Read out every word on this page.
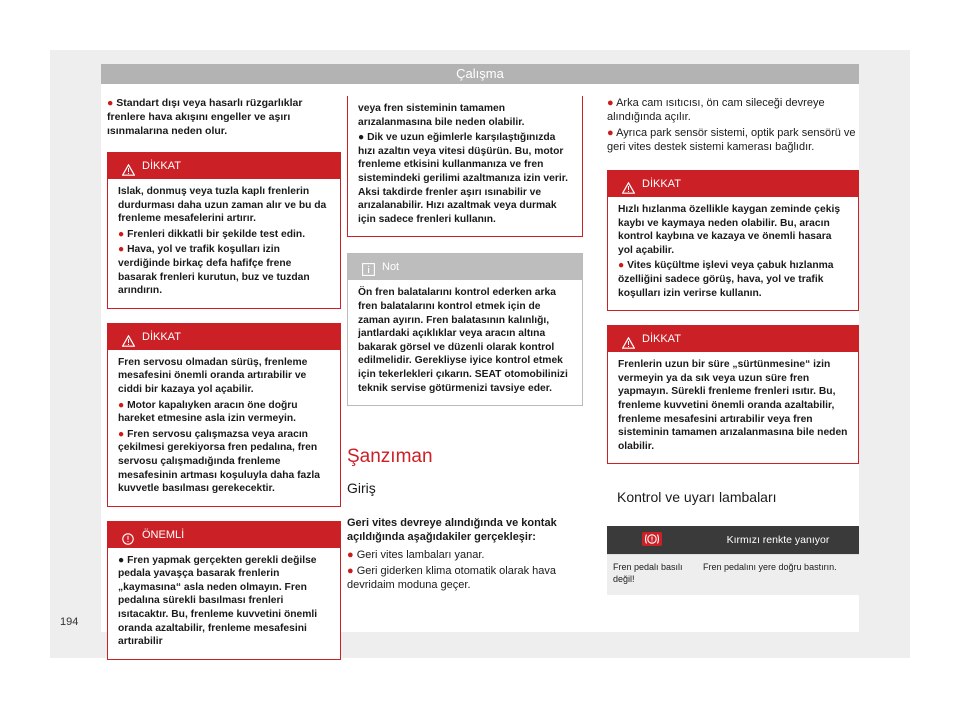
Çalışma
● Standart dışı veya hasarlı rüzgarlıklar frenlere hava akışını engeller ve aşırı ısınmalarına neden olur.
DİKKAT

Islak, donmuş veya tuzla kaplı frenlerin durdurması daha uzun zaman alır ve bu da frenleme mesafelerini artırır.

● Frenleri dikkatli bir şekilde test edin.

● Hava, yol ve trafik koşulları izin verdiğinde birkaç defa hafifçe frene basarak frenleri kurutun, buz ve tuzdan arındırın.

DİKKAT

Fren servosu olmadan sürüş, frenleme mesafesini önemli oranda artırabilir ve ciddi bir kazaya yol açabilir.

● Motor kapalıyken aracın öne doğru hareket etmesine asla izin vermeyin.

● Fren servosu çalışmazsa veya aracın çekilmesi gerekiyorsa fren pedalına, fren servosu çalışmadığında frenleme mesafesinin artması koşuluyla daha fazla kuvvetle basılması gerekecektir.

ÖNEMLİ

● Fren yapmak gerçekten gerekli değilse pedala yavaşça basarak frenlerin „kaymasına“ asla neden olmayın. Fren pedalına sürekli basılması frenleri ısıtacaktır. Bu, frenleme kuvvetini önemli oranda azaltabilir, frenleme mesafesini artırabilir

veya fren sisteminin tamamen arızalanmasına bile neden olabilir.

● Dik ve uzun eğimlerle karşılaştığınızda hızı azaltın veya vitesi düşürün. Bu, motor frenleme etkisini kullanmanıza ve fren sistemindeki gerilimi azaltmanıza izin verir. Aksi takdirde frenler aşırı ısınabilir ve arızalanabilir. Hızı azaltmak veya durmak için sadece frenleri kullanın.

Not

Ön fren balatalarını kontrol ederken arka fren balatalarını kontrol etmek için de zaman ayırın. Fren balatasının kalınlığı, jantlardaki açıklıklar veya aracın altına bakarak görsel ve düzenli olarak kontrol edilmelidir. Gerekliyse iyice kontrol etmek için tekerlekleri çıkarın. SEAT otomobilinizi teknik servise götürmenizi tavsiye eder.

Şanzıman
Giriş
Geri vites devreye alındığında ve kontak açıldığında aşağıdakiler gerçekleşir:
● Geri vites lambaları yanar.
● Geri giderken klima otomatik olarak hava devridaim moduna geçer.
● Arka cam ısıtıcısı, ön cam sileceği devreye alındığında açılır.
● Ayrıca park sensör sistemi, optik park sensörü ve geri vites destek sistemi kamerası bağlıdır.
DİKKAT

Hızlı hızlanma özellikle kaygan zeminde çekiş kaybı ve kaymaya neden olabilir. Bu, aracın kontrol kaybına ve kazaya ve önemli hasara yol açabilir.

● Vites küçültme işlevi veya çabuk hızlanma özelliğini sadece görüş, hava, yol ve trafik koşulları izin verirse kullanın.

DİKKAT

Frenlerin uzun bir süre „sürtünmesine“ izin vermeyin ya da sık veya uzun süre fren yapmayın. Sürekli frenleme frenleri ısıtır. Bu, frenleme kuvvetini önemli oranda azaltabilir, frenleme mesafesini artırabilir veya fren sisteminin tamamen arızalanmasına bile neden olabilir.

Kontrol ve uyarı lambaları
	Kırmızı renkte yanıyor
Fren pedalı basılı değil!	Fren pedalını yere doğru bastırın.
194
